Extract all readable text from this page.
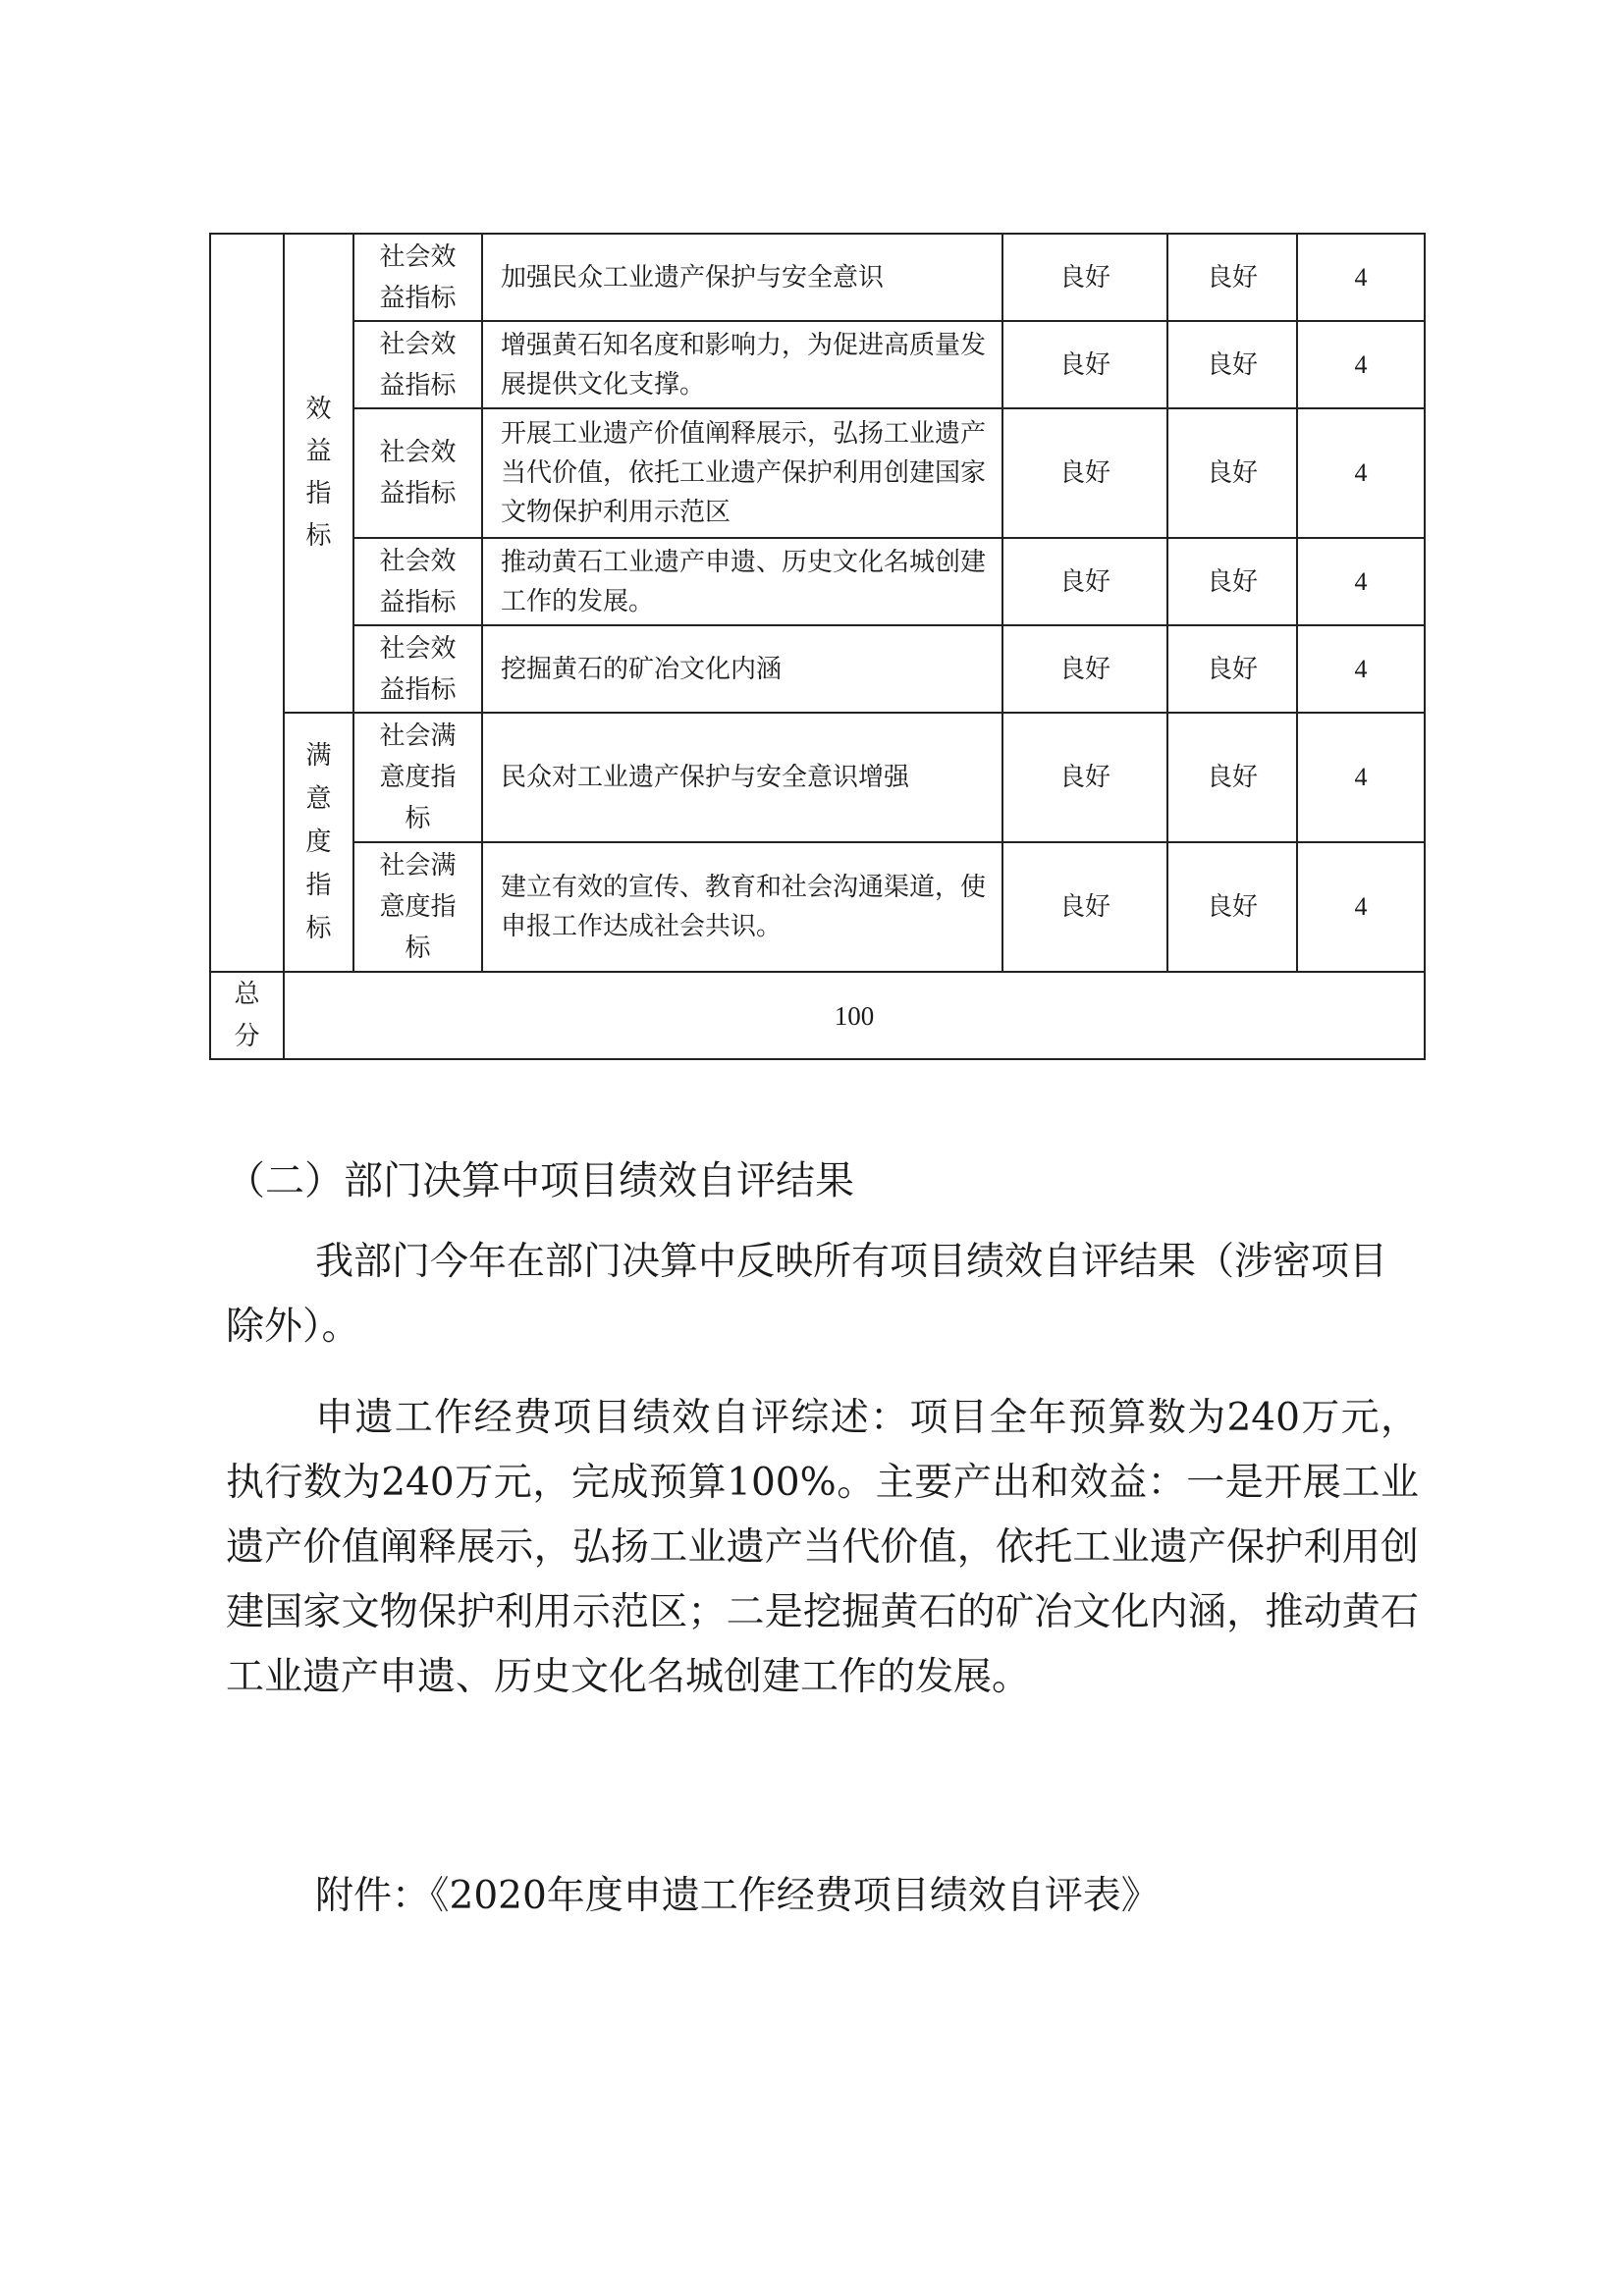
	效益指标	社会效益指标	加强民众工业遗产保护与安全意识	良好	良好	4

		社会效益指标	增强黄石知名度和影响力，为促进高质量发展提供文化支撑。	良好	良好	4

		社会效益指标	开展工业遗产价值阐释展示，弘扬工业遗产当代价值，依托工业遗产保护利用创建国家文物保护利用示范区	良好	良好	4

		社会效益指标	推动黄石工业遗产申遗、历史文化名城创建工作的发展。	良好	良好	4

		社会效益指标	挖掘黄石的矿冶文化内涵	良好	良好	4

	满意度指标	社会满意度指标	民众对工业遗产保护与安全意识增强	良好	良好	4

		社会满意度指标	建立有效的宣传、教育和社会沟通渠道，使申报工作达成社会共识。	良好	良好	4

总分	100					
（二）部门决算中项目绩效自评结果
我部门今年在部门决算中反映所有项目绩效自评结果（涉密项目除外）。
申遗工作经费项目绩效自评综述：项目全年预算数为240万元，执行数为240万元，完成预算100%。主要产出和效益：一是开展工业遗产价值阐释展示，弘扬工业遗产当代价值，依托工业遗产保护利用创建国家文物保护利用示范区；二是挖掘黄石的矿冶文化内涵，推动黄石工业遗产申遗、历史文化名城创建工作的发展。
附件：《2020年度申遗工作经费项目绩效自评表》
